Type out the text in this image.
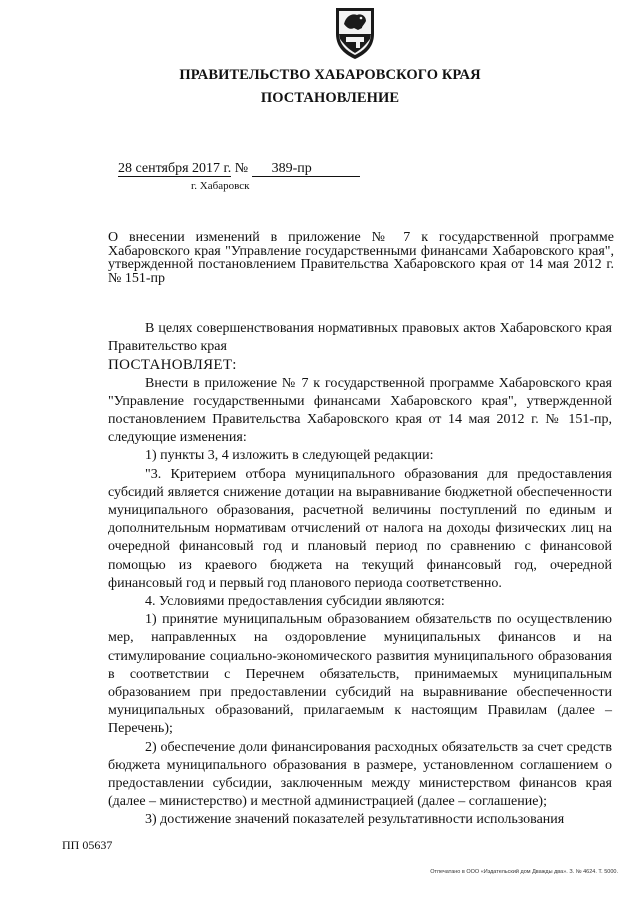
ПРАВИТЕЛЬСТВО ХАБАРОВСКОГО КРАЯ
ПОСТАНОВЛЕНИЕ
28 сентября 2017 г. № 389-пр
г. Хабаровск
О внесении изменений в приложение № 7 к государственной программе Хабаровского края "Управление государственными финансами Хабаровского края", утвержденной постановлением Правительства Хабаровского края от 14 мая 2012 г. № 151-пр

В целях совершенствования нормативных правовых актов Хабаровского края Правительство края

ПОСТАНОВЛЯЕТ:

Внести в приложение № 7 к государственной программе Хабаровского края "Управление государственными финансами Хабаровского края", утвержденной постановлением Правительства Хабаровского края от 14 мая 2012 г. № 151-пр, следующие изменения:

1) пункты 3, 4 изложить в следующей редакции:

"3. Критерием отбора муниципального образования для предоставления субсидий является снижение дотации на выравнивание бюджетной обеспеченности муниципального образования, расчетной величины поступлений по единым и дополнительным нормативам отчислений от налога на доходы физических лиц на очередной финансовый год и плановый период по сравнению с финансовой помощью из краевого бюджета на текущий финансовый год, очередной финансовый год и первый год планового периода соответственно.

4. Условиями предоставления субсидии являются:

1) принятие муниципальным образованием обязательств по осуществлению мер, направленных на оздоровление муниципальных финансов и на стимулирование социально-экономического развития муниципального образования в соответствии с Перечнем обязательств, принимаемых муниципальным образованием при предоставлении субсидий на выравнивание обеспеченности муниципальных образований, прилагаемым к настоящим Правилам (далее – Перечень);

2) обеспечение доли финансирования расходных обязательств за счет средств бюджета муниципального образования в размере, установленном соглашением о предоставлении субсидии, заключенным между министерством финансов края (далее – министерство) и местной администрацией (далее – соглашение);

3) достижение значений показателей результативности использования

ПП 05637
Отпечатано в ООО «Издательский дом Дважды два». З. № 4624. Т. 5000.
